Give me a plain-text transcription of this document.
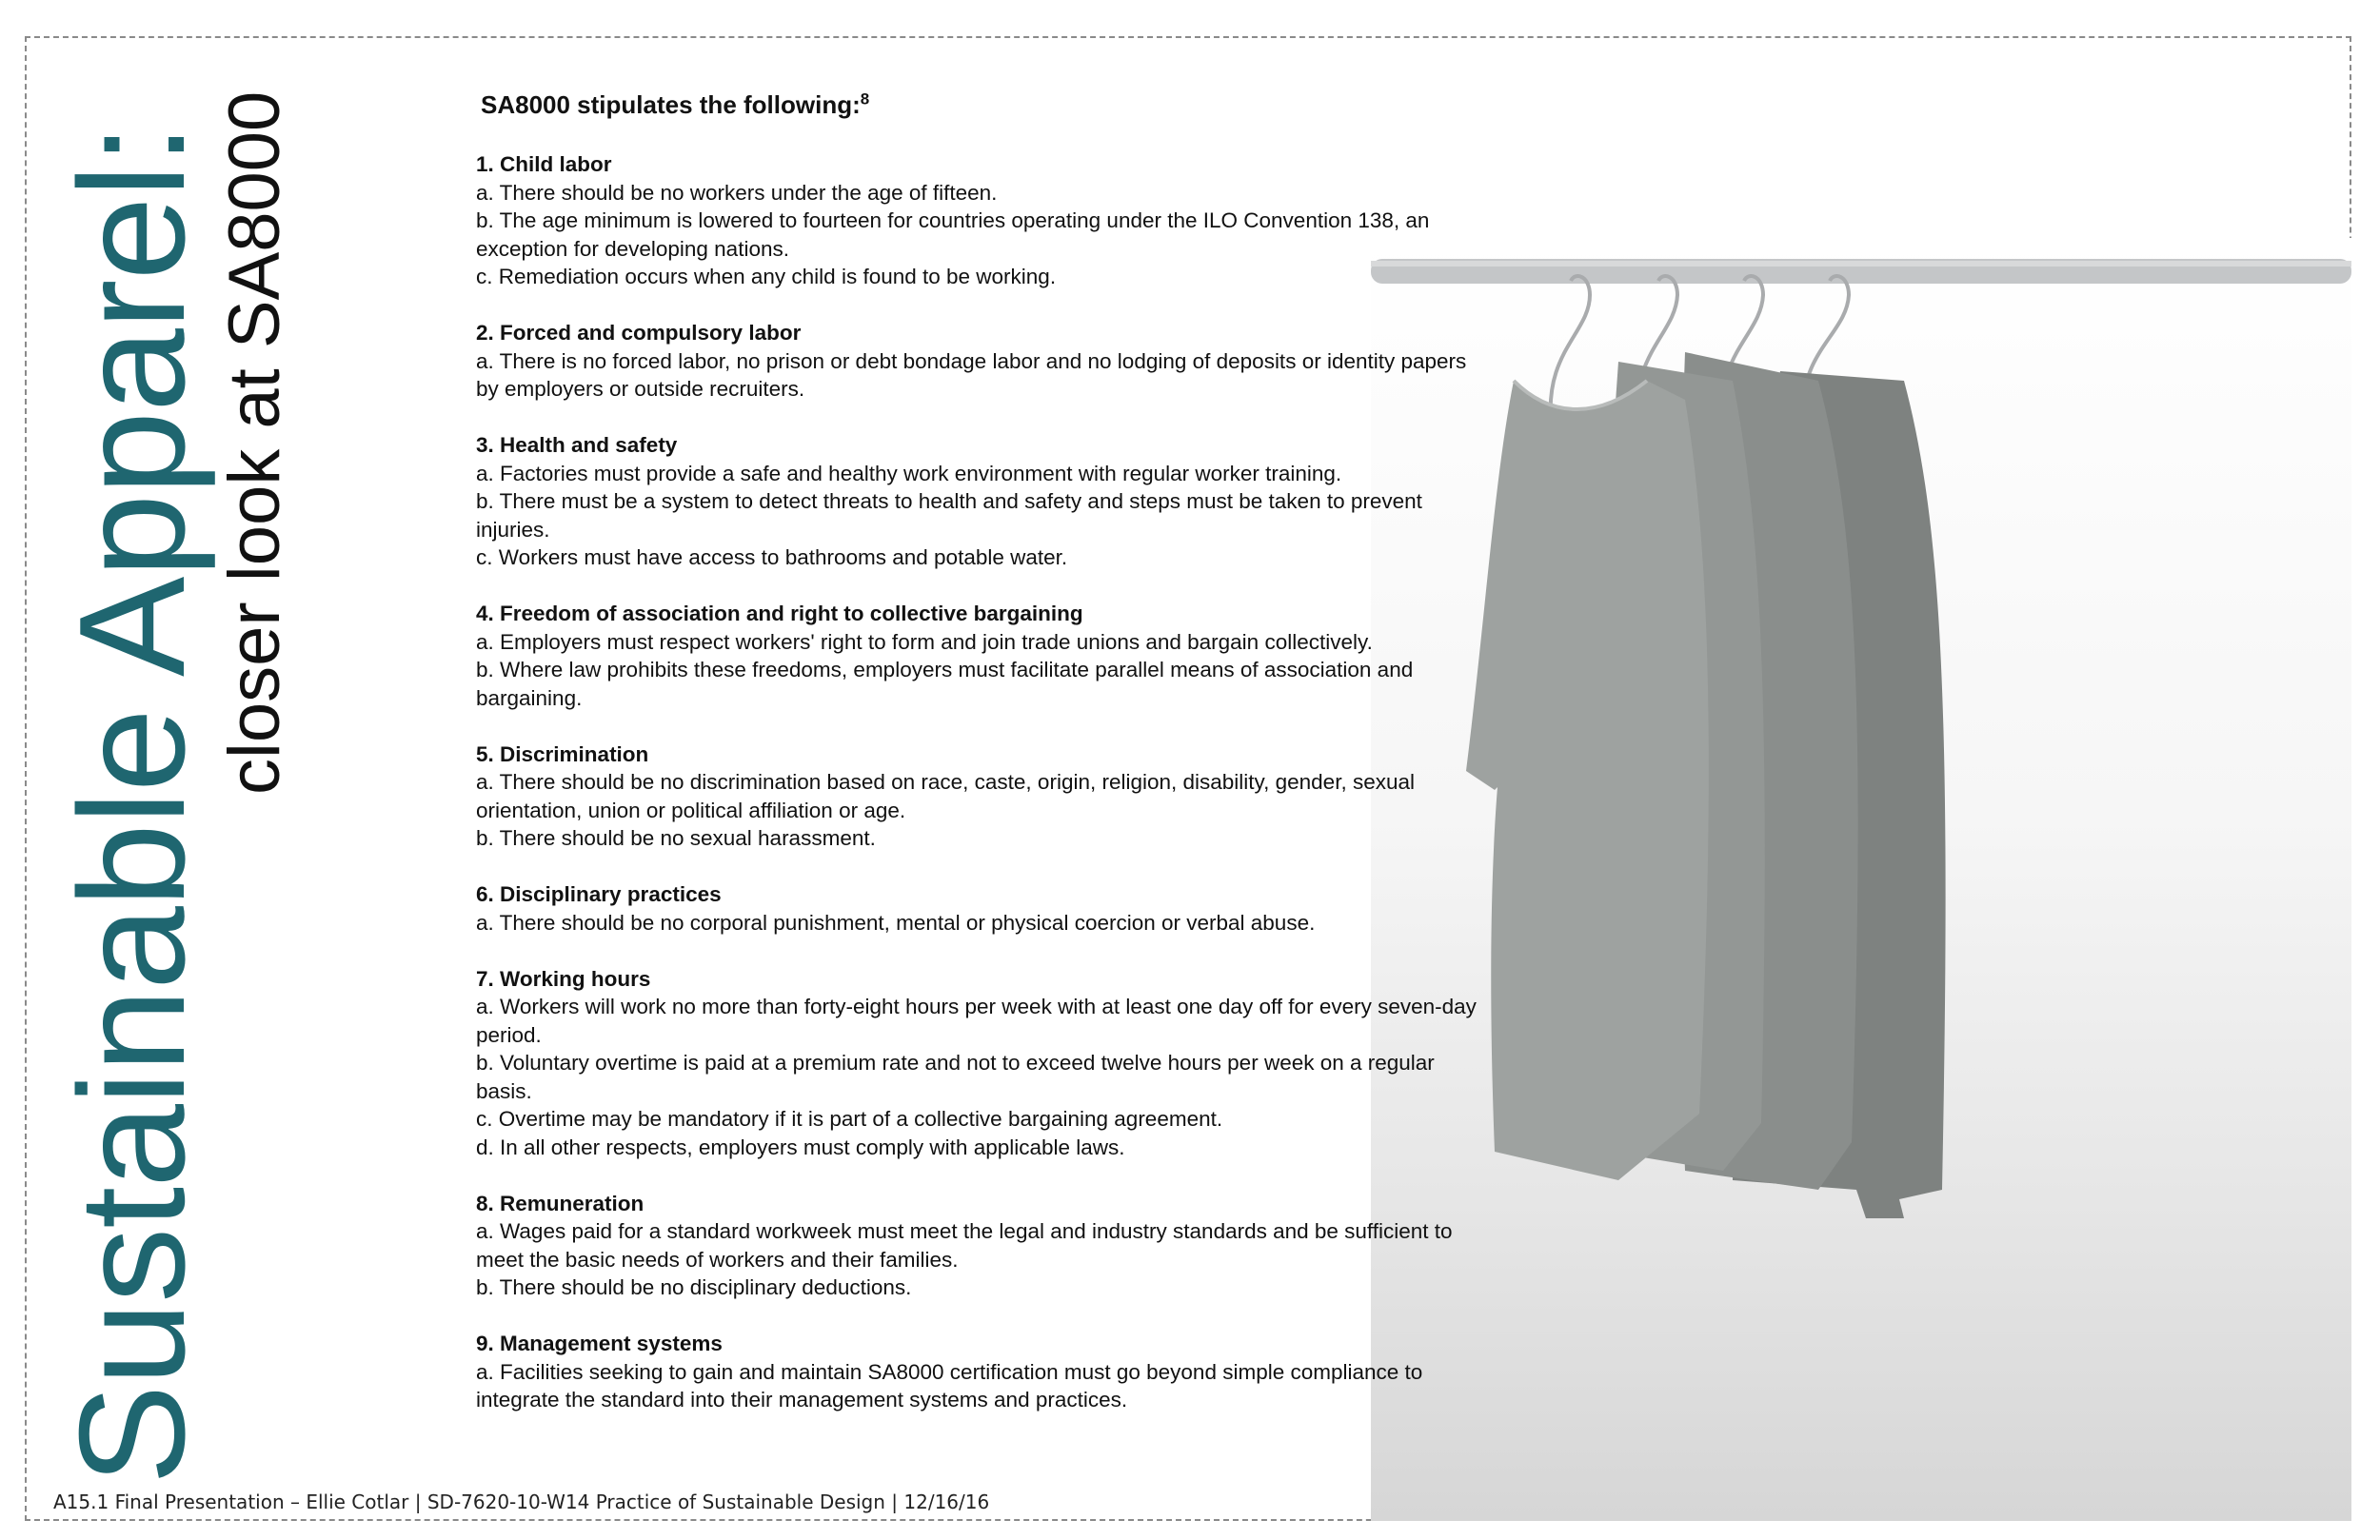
Sustainable Apparel:
closer look at SA8000	SA8000 stipulates the following:$^8$
1. Child labor

a. There should be no workers under the age of fifteen.

b. The age minimum is lowered to fourteen for countries operating under the ILO Convention 138, an exception for developing nations.

c. Remediation occurs when any child is found to be working.

2. Forced and compulsory labor

a. There is no forced labor, no prison or debt bondage labor and no lodging of deposits or identity papers by employers or outside recruiters.

3. Health and safety

a. Factories must provide a safe and healthy work environment with regular worker training.

b. There must be a system to detect threats to health and safety and steps must be taken to prevent injuries.

c. Workers must have access to bathrooms and potable water.

4. Freedom of association and right to collective bargaining

a. Employers must respect workers' right to form and join trade unions and bargain collectively.

b. Where law prohibits these freedoms, employers must facilitate parallel means of association and bargaining.

5. Discrimination

a. There should be no discrimination based on race, caste, origin, religion, disability, gender, sexual orientation, union or political affiliation or age.

b. There should be no sexual harassment.

6. Disciplinary practices

a. There should be no corporal punishment, mental or physical coercion or verbal abuse.

7. Working hours

a. Workers will work no more than forty-eight hours per week with at least one day off for every seven-day period.

b. Voluntary overtime is paid at a premium rate and not to exceed twelve hours per week on a regular basis.

c. Overtime may be mandatory if it is part of a collective bargaining agreement.

d. In all other respects, employers must comply with applicable laws.

8. Remuneration

a. Wages paid for a standard workweek must meet the legal and industry standards and be sufficient to meet the basic needs of workers and their families.

b. There should be no disciplinary deductions.

9. Management systems

a. Facilities seeking to gain and maintain SA8000 certification must go beyond simple compliance to integrate the standard into their management systems and practices.

A15.1 Final Presentation – Ellie Cotlar | SD-7620-10-W14 Practice of Sustainable Design | 12/16/16
